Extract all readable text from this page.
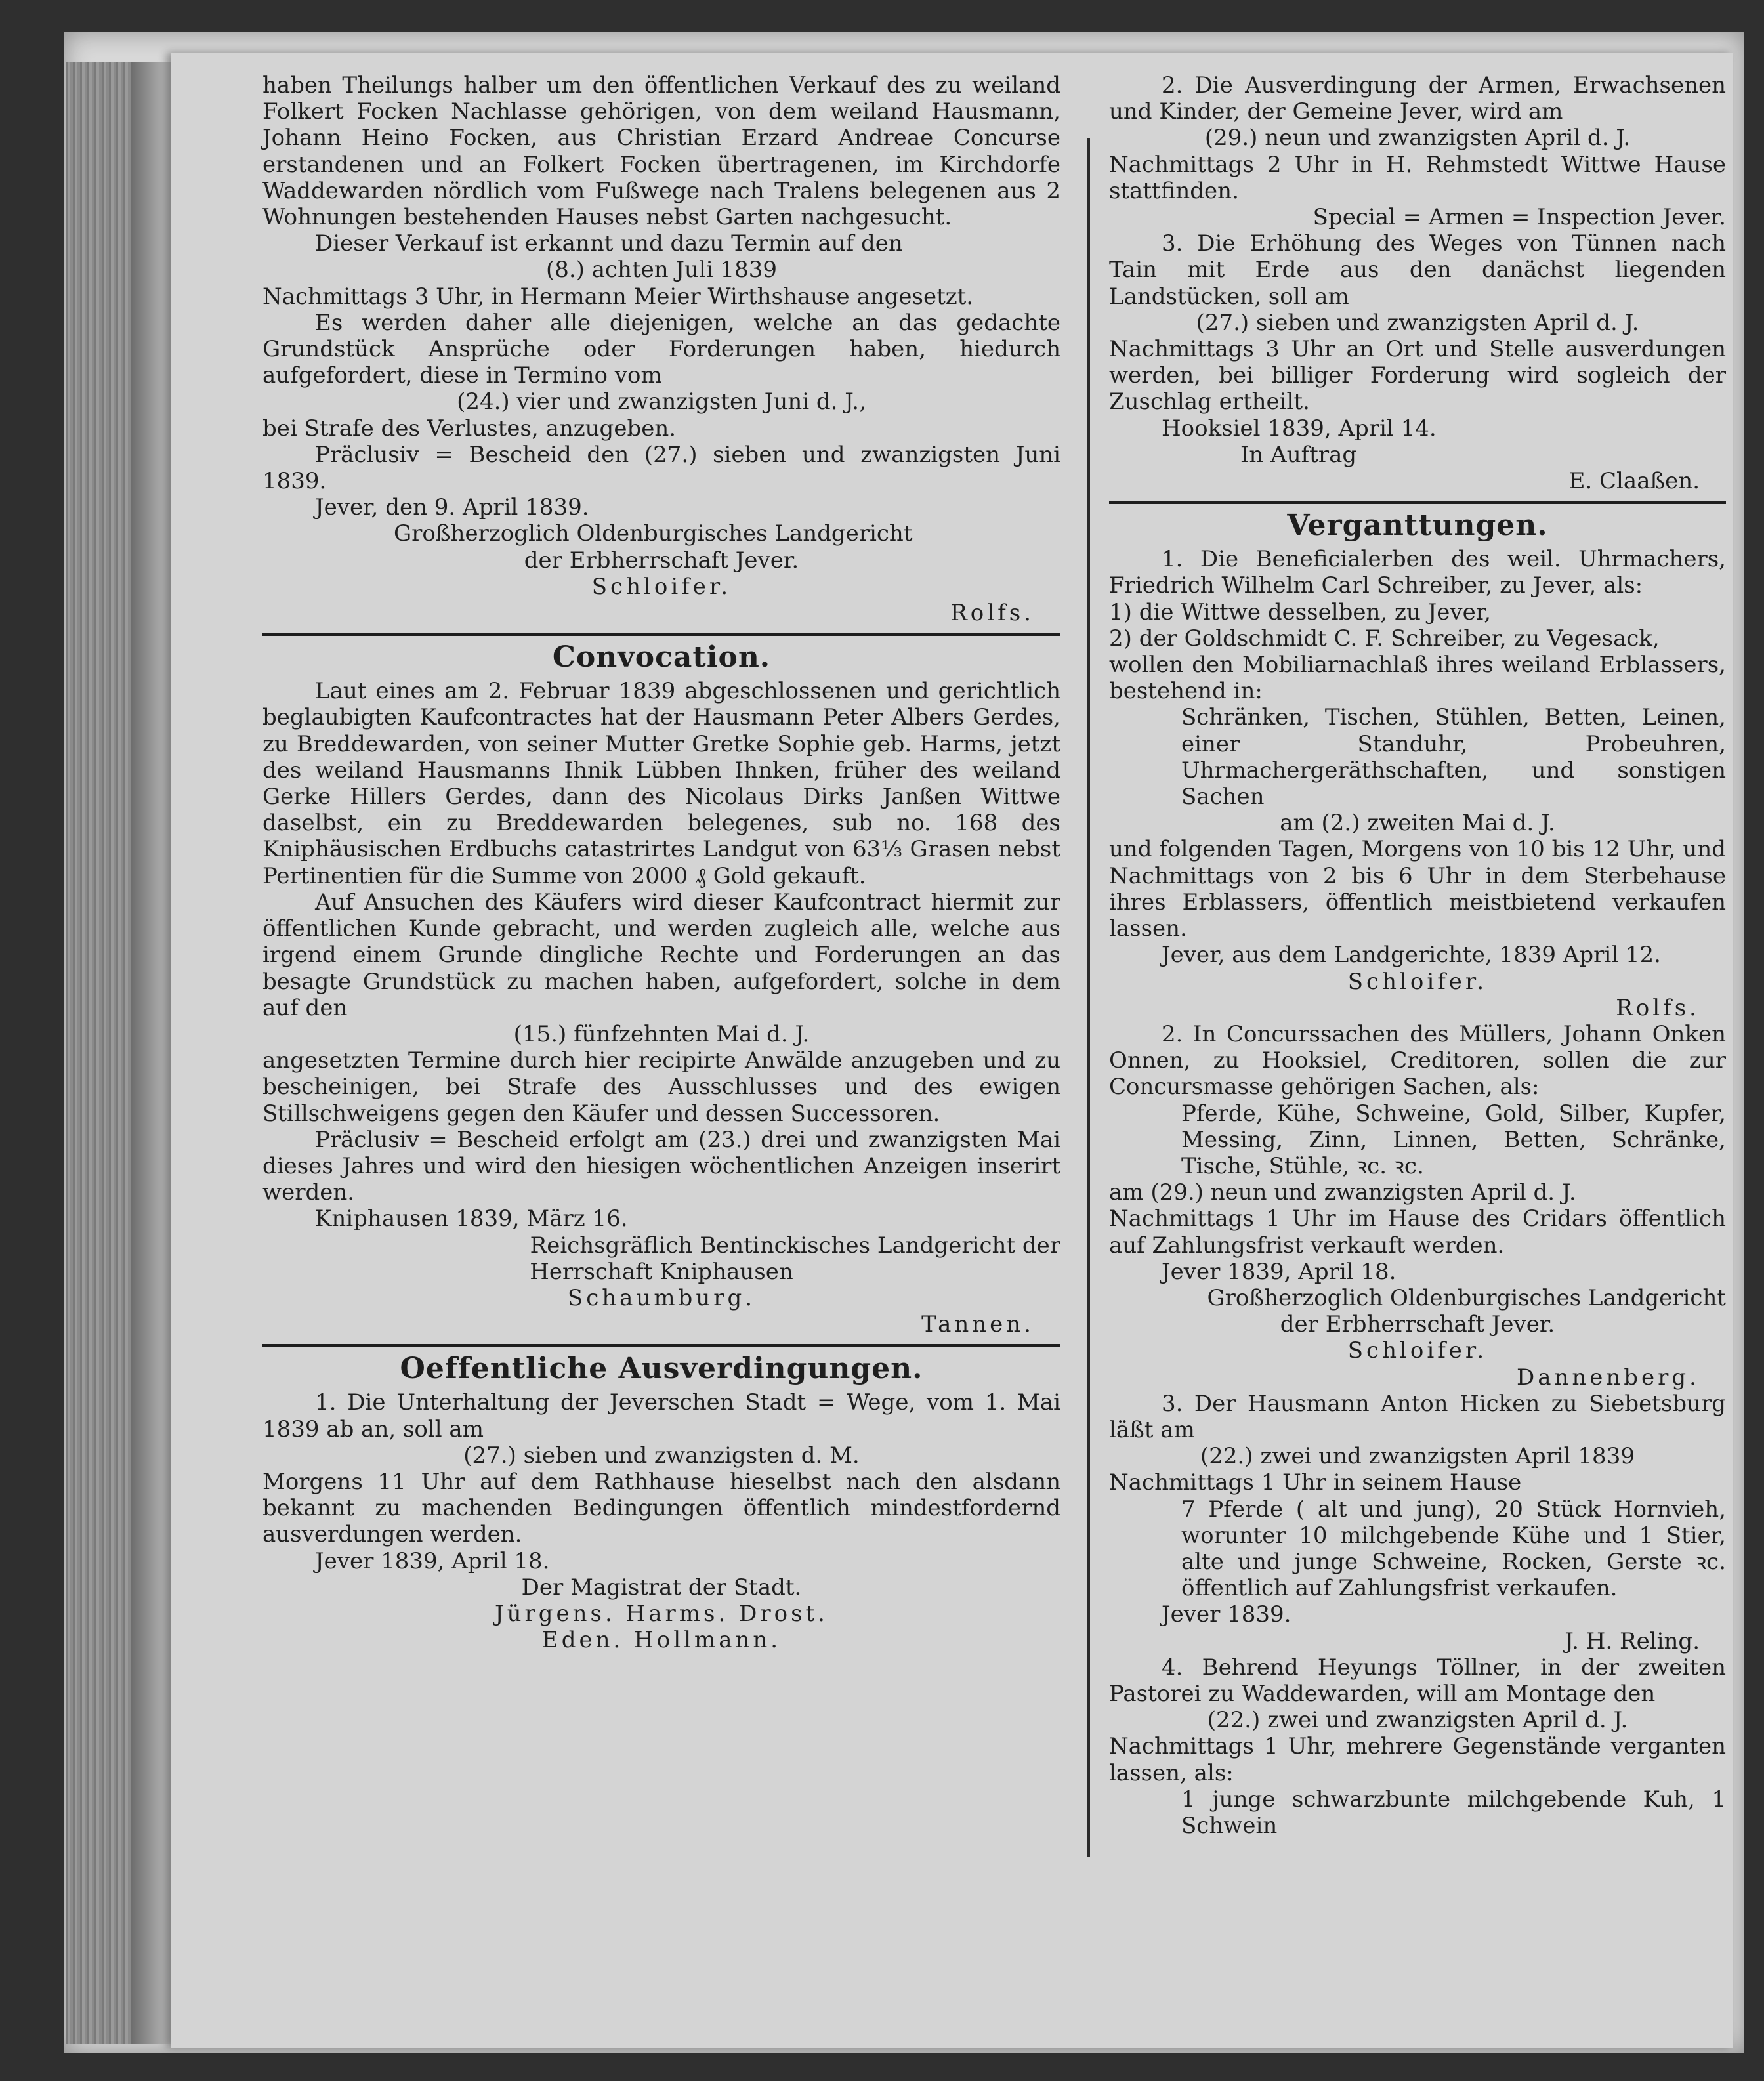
haben Theilungs halber um den öffentlichen Verkauf des zu weiland Folkert Focken Nachlasse gehörigen, von dem weiland Hausmann, Johann Heino Focken, aus Christian Erzard Andreae Concurse erstandenen und an Folkert Focken übertragenen, im Kirchdorfe Waddewarden nördlich vom Fußwege nach Tralens belegenen aus 2 Wohnungen bestehenden Hauses nebst Garten nachgesucht.

Dieser Verkauf ist erkannt und dazu Termin auf den

(8.) achten Juli 1839

Nachmittags 3 Uhr, in Hermann Meier Wirthshause angesetzt.

Es werden daher alle diejenigen, welche an das gedachte Grundstück Ansprüche oder Forderungen haben, hiedurch aufgefordert, diese in Termino vom

(24.) vier und zwanzigsten Juni d. J.,

bei Strafe des Verlustes, anzugeben.

Präclusiv = Bescheid den (27.) sieben und zwanzigsten Juni 1839.

Jever, den 9. April 1839.

Großherzoglich Oldenburgisches Landgericht

der Erbherrschaft Jever.

Schloifer.

Rolfs.

Convocation.

Laut eines am 2. Februar 1839 abgeschlossenen und gerichtlich beglaubigten Kaufcontractes hat der Hausmann Peter Albers Gerdes, zu Breddewarden, von seiner Mutter Gretke Sophie geb. Harms, jetzt des weiland Hausmanns Ihnik Lübben Ihnken, früher des weiland Gerke Hillers Gerdes, dann des Nicolaus Dirks Janßen Wittwe daselbst, ein zu Breddewarden belegenes, sub no. 168 des Kniphäusischen Erdbuchs catastrirtes Landgut von 63⅓ Grasen nebst Pertinentien für die Summe von 2000 ₰ Gold gekauft.

Auf Ansuchen des Käufers wird dieser Kaufcontract hiermit zur öffentlichen Kunde gebracht, und werden zugleich alle, welche aus irgend einem Grunde dingliche Rechte und Forderungen an das besagte Grundstück zu machen haben, aufgefordert, solche in dem auf den

(15.) fünfzehnten Mai d. J.

angesetzten Termine durch hier recipirte Anwälde anzugeben und zu bescheinigen, bei Strafe des Ausschlusses und des ewigen Stillschweigens gegen den Käufer und dessen Successoren.

Präclusiv = Bescheid erfolgt am (23.) drei und zwanzigsten Mai dieses Jahres und wird den hiesigen wöchentlichen Anzeigen inserirt werden.

Kniphausen 1839, März 16.

Reichsgräflich Bentinckisches Landgericht der

Herrschaft Kniphausen

Schaumburg.

Tannen.

Oeffentliche Ausverdingungen.

1. Die Unterhaltung der Jeverschen Stadt = Wege, vom 1. Mai 1839 ab an, soll am

(27.) sieben und zwanzigsten d. M.

Morgens 11 Uhr auf dem Rathhause hieselbst nach den alsdann bekannt zu machenden Bedingungen öffentlich mindestfordernd ausverdungen werden.

Jever 1839, April 18.

Der Magistrat der Stadt.

Jürgens. Harms. Drost.

Eden. Hollmann.

2. Die Ausverdingung der Armen, Erwachsenen und Kinder, der Gemeine Jever, wird am

(29.) neun und zwanzigsten April d. J.

Nachmittags 2 Uhr in H. Rehmstedt Wittwe Hause stattfinden.

Special = Armen = Inspection Jever.

3. Die Erhöhung des Weges von Tünnen nach Tain mit Erde aus den danächst liegenden Landstücken, soll am

(27.) sieben und zwanzigsten April d. J.

Nachmittags 3 Uhr an Ort und Stelle ausverdungen werden, bei billiger Forderung wird sogleich der Zuschlag ertheilt.

Hooksiel 1839, April 14.

In Auftrag

E. Claaßen.

Verganttungen.

1. Die Beneficialerben des weil. Uhrmachers, Friedrich Wilhelm Carl Schreiber, zu Jever, als:

1) die Wittwe desselben, zu Jever,

2) der Goldschmidt C. F. Schreiber, zu Vegesack,

wollen den Mobiliarnachlaß ihres weiland Erblassers, bestehend in:

Schränken, Tischen, Stühlen, Betten, Leinen, einer Standuhr, Probeuhren, Uhrmachergeräthschaften, und sonstigen Sachen

am (2.) zweiten Mai d. J.

und folgenden Tagen, Morgens von 10 bis 12 Uhr, und Nachmittags von 2 bis 6 Uhr in dem Sterbehause ihres Erblassers, öffentlich meistbietend verkaufen lassen.

Jever, aus dem Landgerichte, 1839 April 12.

Schloifer.

Rolfs.

2. In Concurssachen des Müllers, Johann Onken Onnen, zu Hooksiel, Creditoren, sollen die zur Concursmasse gehörigen Sachen, als:

Pferde, Kühe, Schweine, Gold, Silber, Kupfer, Messing, Zinn, Linnen, Betten, Schränke, Tische, Stühle, ꝛc. ꝛc.

am (29.) neun und zwanzigsten April d. J.

Nachmittags 1 Uhr im Hause des Cridars öffentlich auf Zahlungsfrist verkauft werden.

Jever 1839, April 18.

Großherzoglich Oldenburgisches Landgericht

der Erbherrschaft Jever.

Schloifer.

Dannenberg.

3. Der Hausmann Anton Hicken zu Siebetsburg läßt am

(22.) zwei und zwanzigsten April 1839

Nachmittags 1 Uhr in seinem Hause

7 Pferde ( alt und jung), 20 Stück Hornvieh, worunter 10 milchgebende Kühe und 1 Stier, alte und junge Schweine, Rocken, Gerste ꝛc. öffentlich auf Zahlungsfrist verkaufen.

Jever 1839.

J. H. Reling.

4. Behrend Heyungs Töllner, in der zweiten Pastorei zu Waddewarden, will am Montage den

(22.) zwei und zwanzigsten April d. J.

Nachmittags 1 Uhr, mehrere Gegenstände verganten lassen, als:

1 junge schwarzbunte milchgebende Kuh, 1 Schwein
